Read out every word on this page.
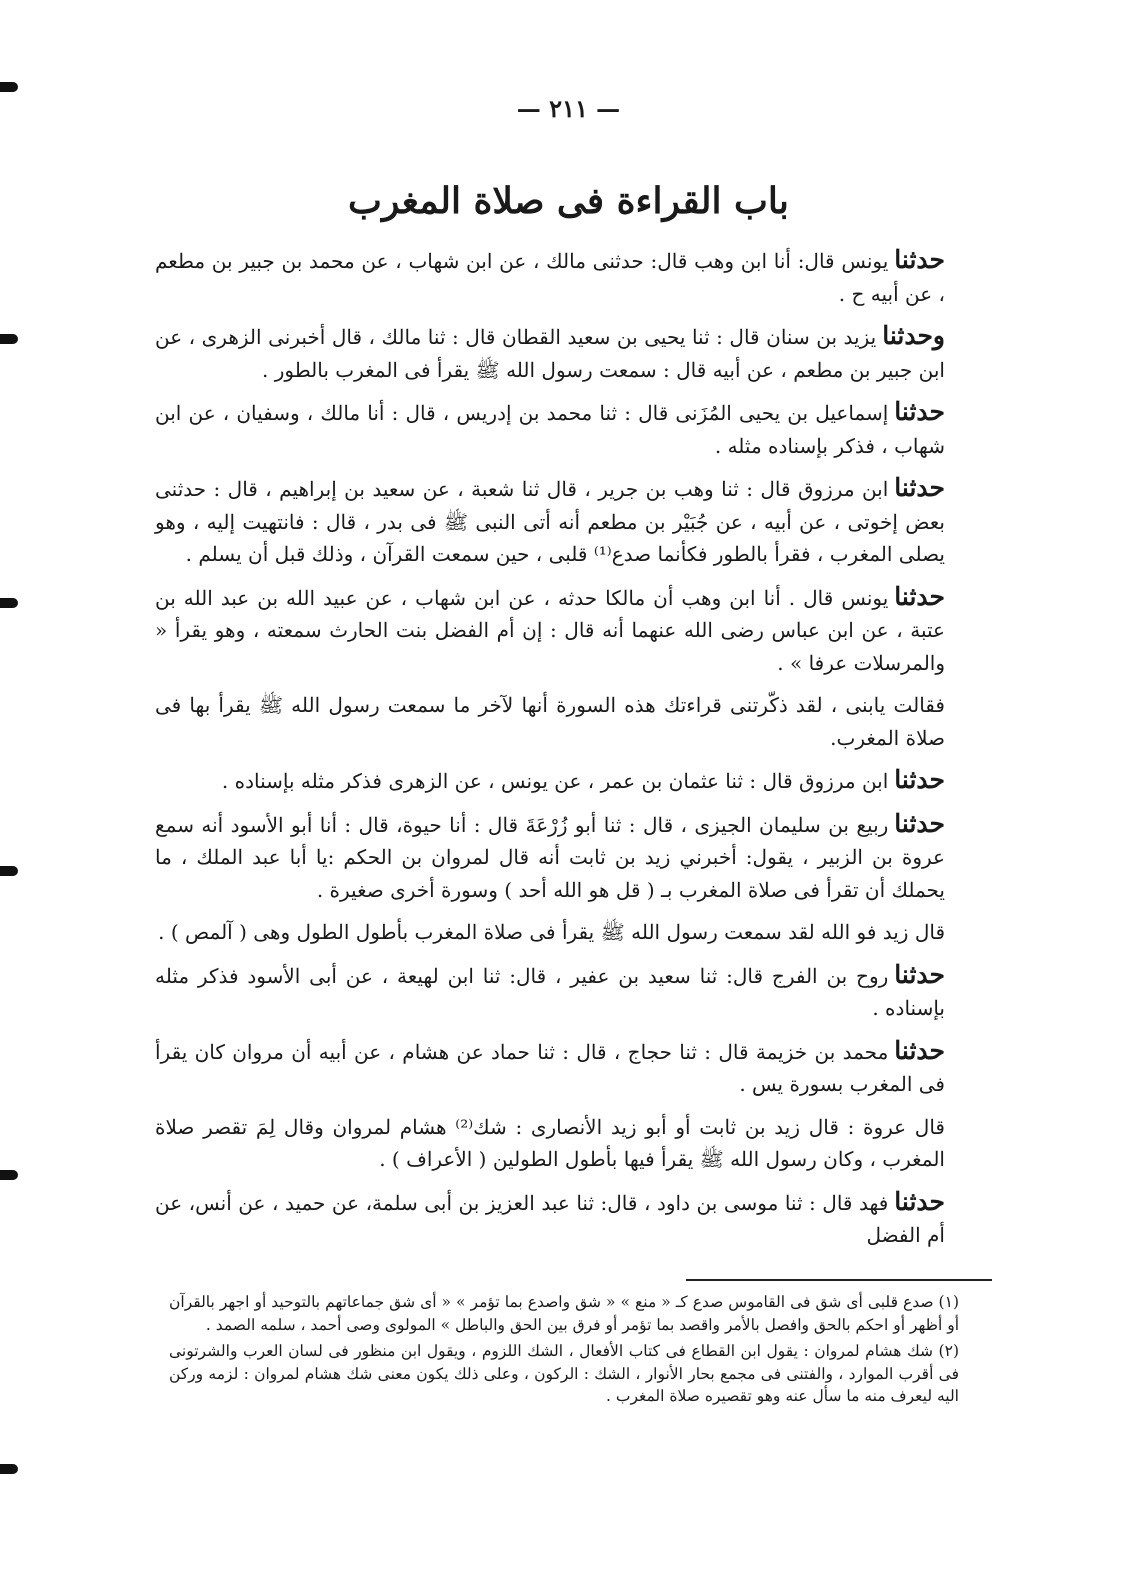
— ٢١١ —
باب القراءة فى صلاة المغرب

حدثنايونس قال: أنا ابن وهب قال: حدثنى مالك ، عن ابن شهاب ، عن محمد بن جبير بن مطعم ، عن أبيه ح .

وحدثنايزيد بن سنان قال : ثنا يحيى بن سعيد القطان قال : ثنا مالك ، قال أخبرنى الزهرى ، عن ابن جبير بن مطعم ، عن أبيه قال : سمعت رسول الله ﷺ يقرأ فى المغرب بالطور .

حدثناإسماعيل بن يحيى المُزَنى قال : ثنا محمد بن إدريس ، قال : أنا مالك ، وسفيان ، عن ابن شهاب ، فذكر بإسناده مثله .

حدثناابن مرزوق قال : ثنا وهب بن جرير ، قال ثنا شعبة ، عن سعيد بن إبراهيم ، قال : حدثنى بعض إخوتى ، عن أبيه ، عن جُبَيْر بن مطعم أنه أتى النبى ﷺ فى بدر ، قال : فانتهيت إليه ، وهو يصلى المغرب ، فقرأ بالطور فكأنما صدع⁽¹⁾ قلبى ، حين سمعت القرآن ، وذلك قبل أن يسلم .

حدثنايونس قال . أنا ابن وهب أن مالكا حدثه ، عن ابن شهاب ، عن عبيد الله بن عبد الله بن عتبة ، عن ابن عباس رضى الله عنهما أنه قال : إن أم الفضل بنت الحارث سمعته ، وهو يقرأ « والمرسلات عرفا » .

فقالت يابنى ، لقد ذكّرتنى قراءتك هذه السورة أنها لآخر ما سمعت رسول الله ﷺ يقرأ بها فى صلاة المغرب.

حدثناابن مرزوق قال : ثنا عثمان بن عمر ، عن يونس ، عن الزهرى فذكر مثله بإسناده .

حدثناربيع بن سليمان الجيزى ، قال : ثنا أبو زُرْعَةَ قال : أنا حيوة، قال : أنا أبو الأسود أنه سمع عروة بن الزبير ، يقول: أخبرني زيد بن ثابت أنه قال لمروان بن الحكم :يا أبا عبد الملك ، ما يحملك أن تقرأ فى صلاة المغرب بـ ( قل هو الله أحد ) وسورة أخرى صغيرة .

قال زيد فو الله لقد سمعت رسول الله ﷺ يقرأ فى صلاة المغرب بأطول الطول وهى ( آلمص ) .

حدثناروح بن الفرج قال: ثنا سعيد بن عفير ، قال: ثنا ابن لهيعة ، عن أبى الأسود فذكر مثله بإسناده .

حدثنامحمد بن خزيمة قال : ثنا حجاج ، قال : ثنا حماد عن هشام ، عن أبيه أن مروان كان يقرأ فى المغرب بسورة يس .

قال عروة : قال زيد بن ثابت أو أبو زيد الأنصارى : شك⁽²⁾ هشام لمروان وقال لِمَ تقصر صلاة المغرب ، وكان رسول الله ﷺ يقرأ فيها بأطول الطولين ( الأعراف ) .

حدثنافهد قال : ثنا موسى بن داود ، قال: ثنا عبد العزيز بن أبى سلمة، عن حميد ، عن أنس، عن أم الفضل

(١) صدع قلبى أى شق فى القاموس صدع كـ « منع » « شق واصدع بما تؤمر » « أى شق جماعاتهم بالتوحيد أو اجهر بالقرآن أو أظهر أو احكم بالحق وافصل بالأمر واقصد بما تؤمر أو فرق بين الحق والباطل » المولوى وصى أحمد ، سلمه الصمد .

(٢) شك هشام لمروان : يقول ابن القطاع فى كتاب الأفعال ، الشك اللزوم ، ويقول ابن منظور فى لسان العرب والشرتونى فى أقرب الموارد ، والفتنى فى مجمع بحار الأنوار ، الشك : الركون ، وعلى ذلك يكون معنى شك هشام لمروان : لزمه وركن اليه ليعرف منه ما سأل عنه وهو تقصيره صلاة المغرب .
